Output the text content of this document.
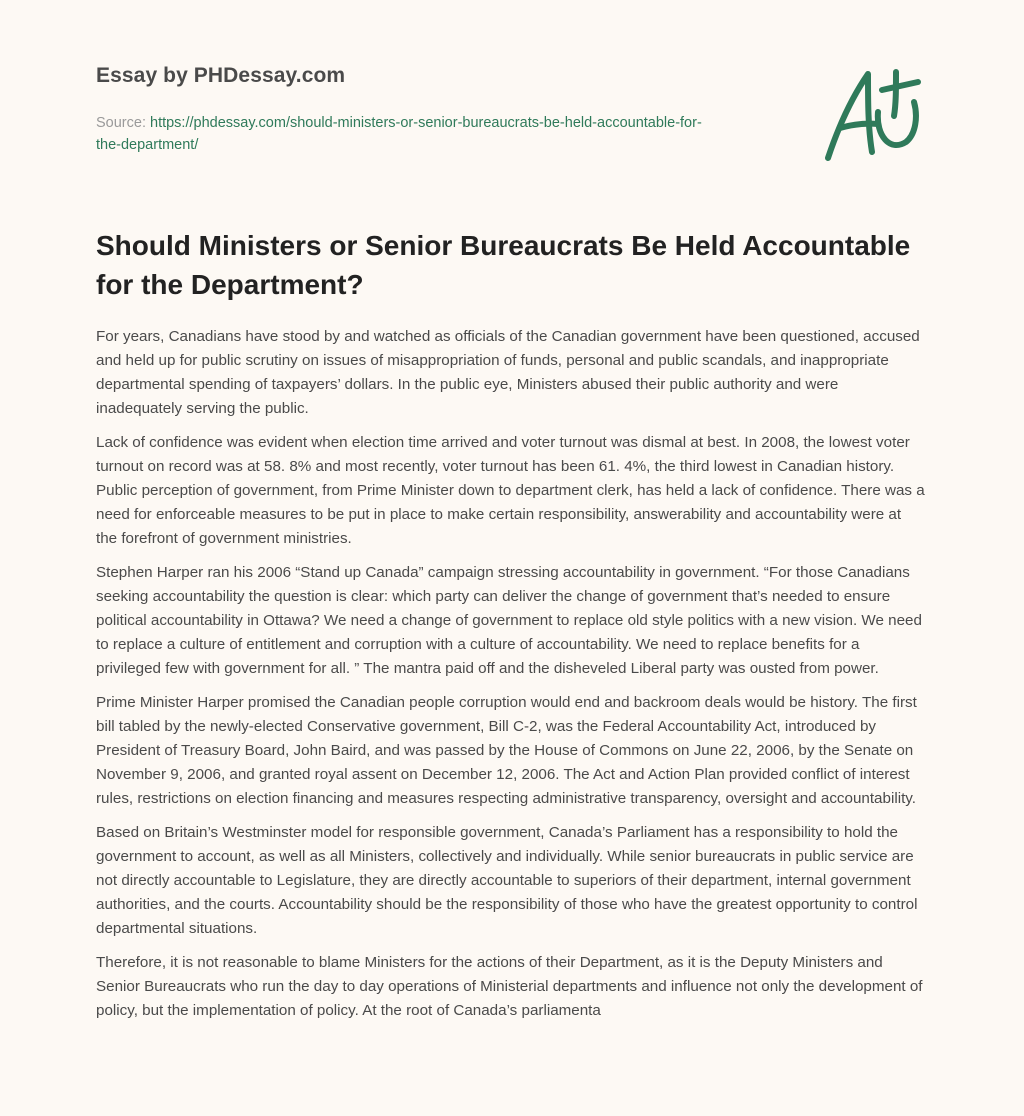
Essay by PHDessay.com

Source: https://phdessay.com/should-ministers-or-senior-bureaucrats-be-held-accountable-for-the-department/

Should Ministers or Senior Bureaucrats Be Held Accountable for the Department?

For years, Canadians have stood by and watched as officials of the Canadian government have been questioned, accused and held up for public scrutiny on issues of misappropriation of funds, personal and public scandals, and inappropriate departmental spending of taxpayers’ dollars. In the public eye, Ministers abused their public authority and were inadequately serving the public.

Lack of confidence was evident when election time arrived and voter turnout was dismal at best. In 2008, the lowest voter turnout on record was at 58. 8% and most recently, voter turnout has been 61. 4%, the third lowest in Canadian history. Public perception of government, from Prime Minister down to department clerk, has held a lack of confidence. There was a need for enforceable measures to be put in place to make certain responsibility, answerability and accountability were at the forefront of government ministries.

Stephen Harper ran his 2006 “Stand up Canada” campaign stressing accountability in government. “For those Canadians seeking accountability the question is clear: which party can deliver the change of government that’s needed to ensure political accountability in Ottawa? We need a change of government to replace old style politics with a new vision. We need to replace a culture of entitlement and corruption with a culture of accountability. We need to replace benefits for a privileged few with government for all. ” The mantra paid off and the disheveled Liberal party was ousted from power.

Prime Minister Harper promised the Canadian people corruption would end and backroom deals would be history. The first bill tabled by the newly-elected Conservative government, Bill C-2, was the Federal Accountability Act, introduced by President of Treasury Board, John Baird, and was passed by the House of Commons on June 22, 2006, by the Senate on November 9, 2006, and granted royal assent on December 12, 2006. The Act and Action Plan provided conflict of interest rules, restrictions on election financing and measures respecting administrative transparency, oversight and accountability.

Based on Britain’s Westminster model for responsible government, Canada’s Parliament has a responsibility to hold the government to account, as well as all Ministers, collectively and individually. While senior bureaucrats in public service are not directly accountable to Legislature, they are directly accountable to superiors of their department, internal government authorities, and the courts. Accountability should be the responsibility of those who have the greatest opportunity to control departmental situations.

Therefore, it is not reasonable to blame Ministers for the actions of their Department, as it is the Deputy Ministers and Senior Bureaucrats who run the day to day operations of Ministerial departments and influence not only the development of policy, but the implementation of policy. At the root of Canada’s parliamenta
